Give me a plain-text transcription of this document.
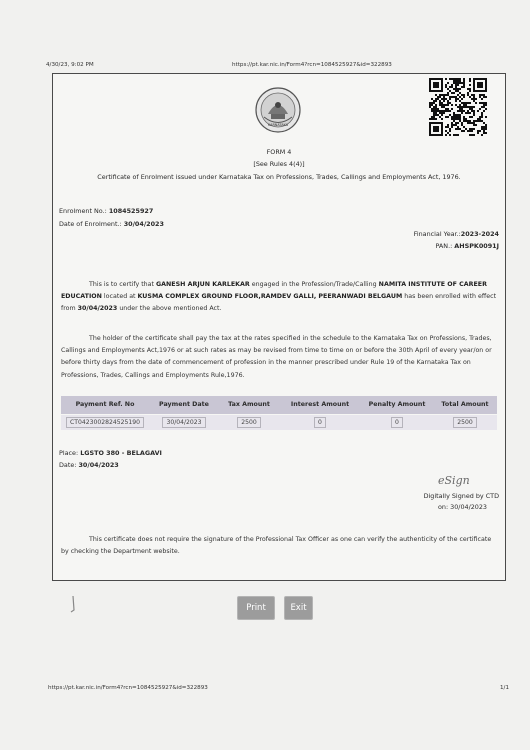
4/30/23, 9:02 PM	https://pt.kar.nic.in/Form4?rcn=1084525927&id=322893
KARNATAKA
FORM 4
[See Rules 4(4)]
Certificate of Enrolment issued under Karnataka Tax on Professions, Trades, Callings and Employments Act, 1976.
Enrolment No.: 1084525927
Date of Enrolment.: 30/04/2023
Financial Year.:2023-2024
PAN.: AHSPK0091J
This is to certify that GANESH ARJUN KARLEKAR engaged in the Profession/Trade/Calling NAMITA INSTITUTE OF CAREER
EDUCATION located at KUSMA COMPLEX GROUND FLOOR,RAMDEV GALLI, PEERANWADI BELGAUM has been enrolled with effect
from 30/04/2023 under the above mentioned Act.
The holder of the certificate shall pay the tax at the rates specified in the schedule to the Karnataka Tax on Professions, Trades,
Callings and Employments Act,1976 or at such rates as may be revised from time to time on or before the 30th April of every year/on or
before thirty days from the date of commencement of profession in the manner prescribed under Rule 19 of the Karnataka Tax on
Professions, Trades, Callings and Employments Rule,1976.
Payment Ref. No	Payment Date	Tax Amount	Interest Amount	Penalty Amount	Total Amount
CT0423002824525190	30/04/2023	2500	0	0	2500
Place: LGSTO 380 - BELAGAVI
Date: 30/04/2023
eSign
Digitally Signed by CTD
on: 30/04/2023
This certificate does not require the signature of the Professional Tax Officer as one can verify the authenticity of the certificate
by checking the Department website.
Print	Exit
https://pt.kar.nic.in/Form4?rcn=1084525927&id=322893	1/1
